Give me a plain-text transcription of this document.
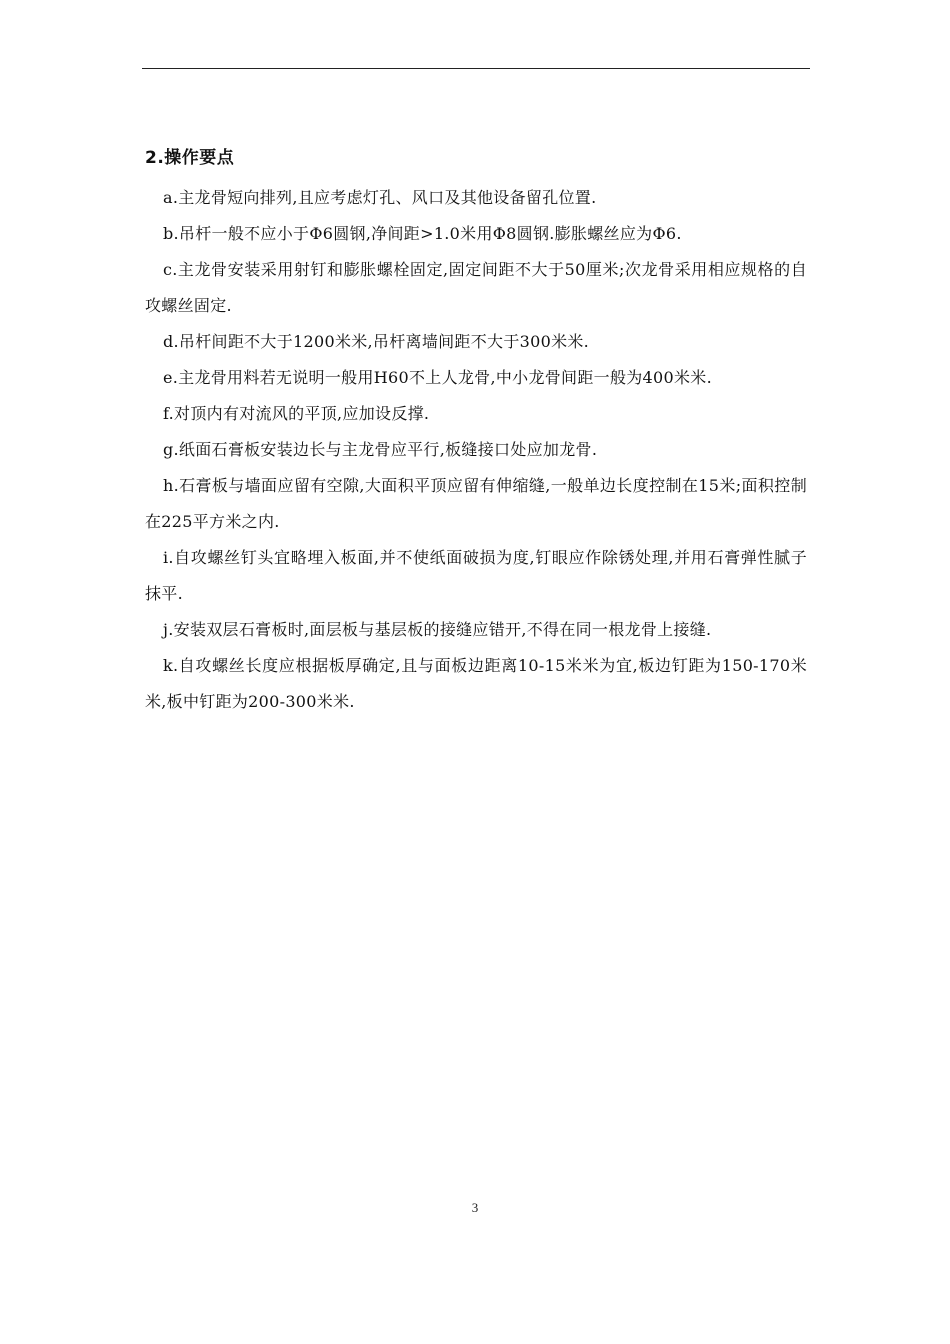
2.操作要点

a.主龙骨短向排列,且应考虑灯孔、风口及其他设备留孔位置.

b.吊杆一般不应小于Φ6圆钢,净间距>1.0米用Φ8圆钢.膨胀螺丝应为Φ6.

c.主龙骨安装采用射钉和膨胀螺栓固定,固定间距不大于50厘米;次龙骨采用相应规格的自攻螺丝固定.

d.吊杆间距不大于1200米米,吊杆离墙间距不大于300米米.

e.主龙骨用料若无说明一般用H60不上人龙骨,中小龙骨间距一般为400米米.

f.对顶内有对流风的平顶,应加设反撑.

g.纸面石膏板安装边长与主龙骨应平行,板缝接口处应加龙骨.

h.石膏板与墙面应留有空隙,大面积平顶应留有伸缩缝,一般单边长度控制在15米;面积控制在225平方米之内.

i.自攻螺丝钉头宜略埋入板面,并不使纸面破损为度,钉眼应作除锈处理,并用石膏弹性腻子抹平.

j.安装双层石膏板时,面层板与基层板的接缝应错开,不得在同一根龙骨上接缝.

k.自攻螺丝长度应根据板厚确定,且与面板边距离10-15米米为宜,板边钉距为150-170米米,板中钉距为200-300米米.

3
